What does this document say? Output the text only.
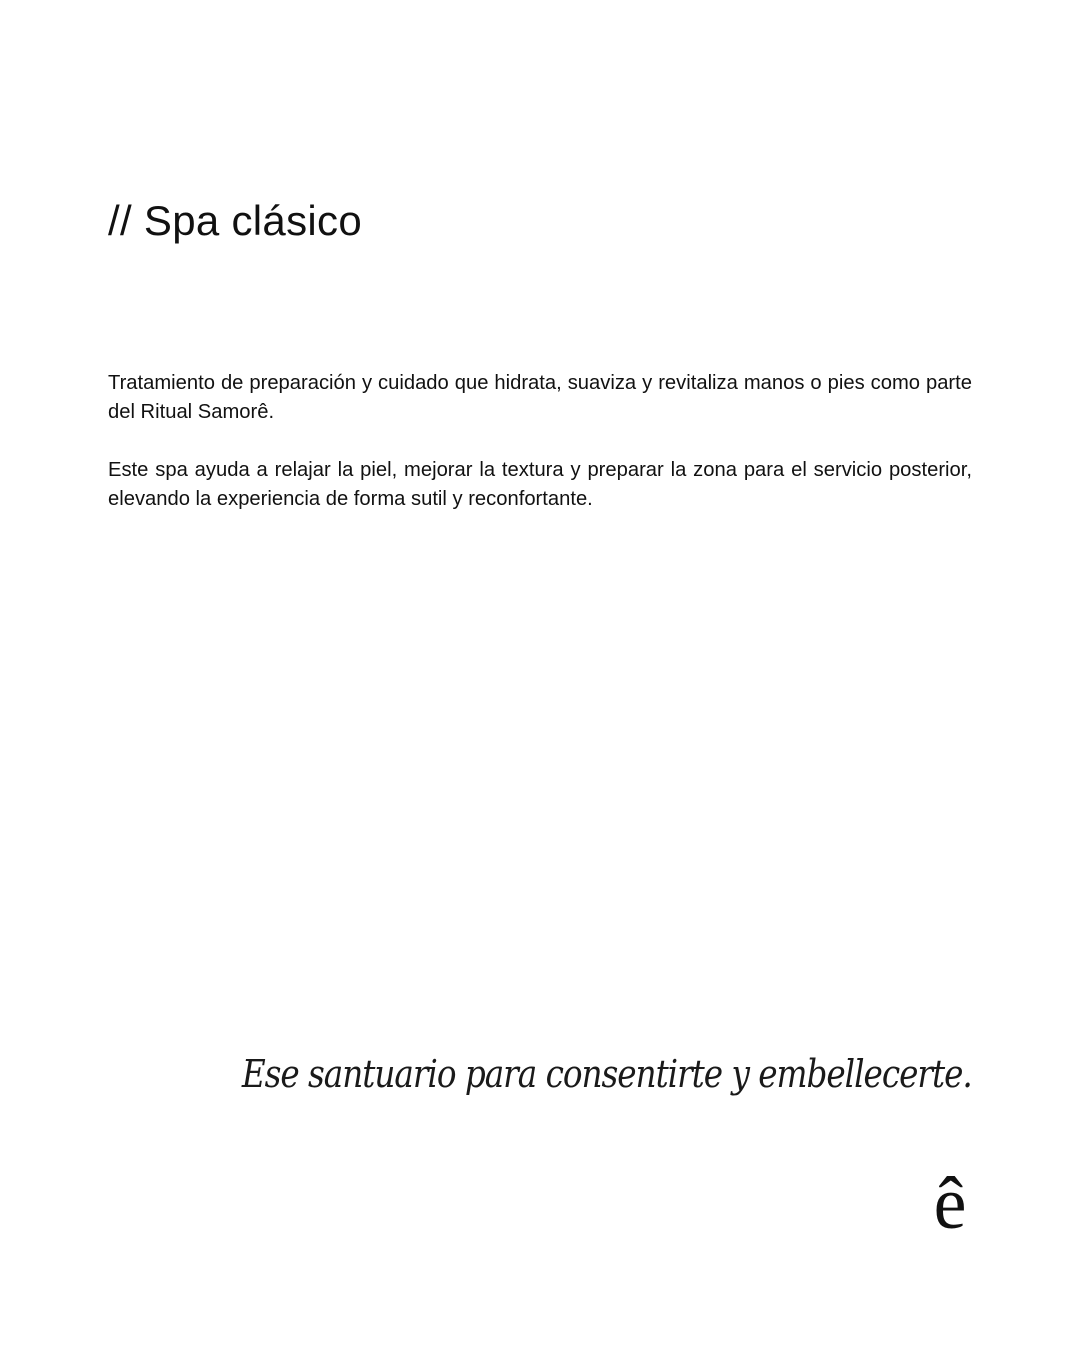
// Spa clásico

Tratamiento de preparación y cuidado que hidrata, suaviza y revitaliza manos o pies como parte del Ritual Samorê.

Este spa ayuda a relajar la piel, mejorar la textura y preparar la zona para el servicio posterior, elevando la experiencia de forma sutil y reconfortante.

Ese santuario para consentirte y embellecerte.
ê
